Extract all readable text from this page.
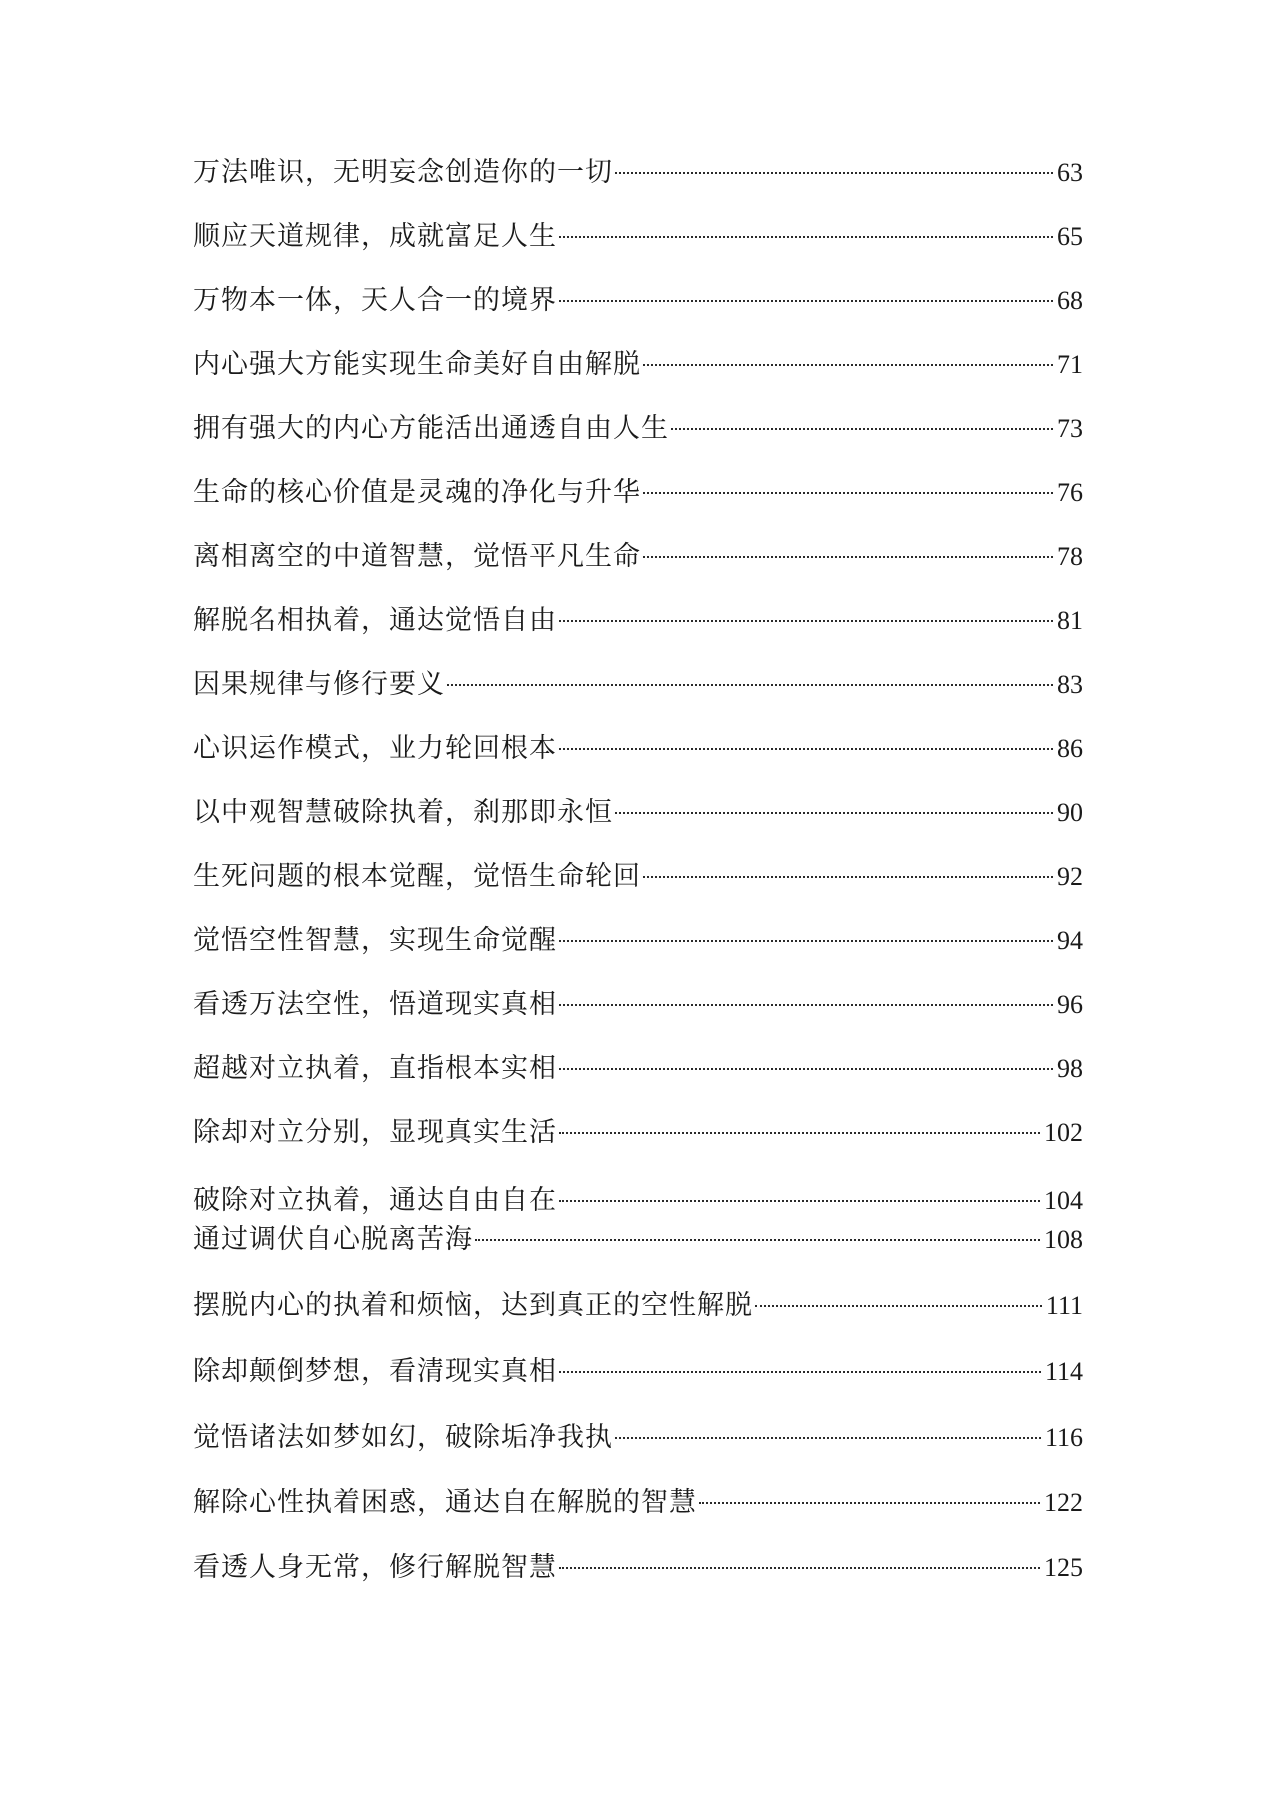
万法唯识，无明妄念创造你的一切	63
顺应天道规律，成就富足人生	65
万物本一体，天人合一的境界	68
内心强大方能实现生命美好自由解脱	71
拥有强大的内心方能活出通透自由人生	73
生命的核心价值是灵魂的净化与升华	76
离相离空的中道智慧，觉悟平凡生命	78
解脱名相执着，通达觉悟自由	81
因果规律与修行要义	83
心识运作模式，业力轮回根本	86
以中观智慧破除执着，刹那即永恒	90
生死问题的根本觉醒，觉悟生命轮回	92
觉悟空性智慧，实现生命觉醒	94
看透万法空性，悟道现实真相	96
超越对立执着，直指根本实相	98
除却对立分别，显现真实生活	102
破除对立执着，通达自由自在	104
通过调伏自心脱离苦海	108
摆脱内心的执着和烦恼，达到真正的空性解脱	111
除却颠倒梦想，看清现实真相	114
觉悟诸法如梦如幻，破除垢净我执	116
解除心性执着困惑，通达自在解脱的智慧	122
看透人身无常，修行解脱智慧	125
